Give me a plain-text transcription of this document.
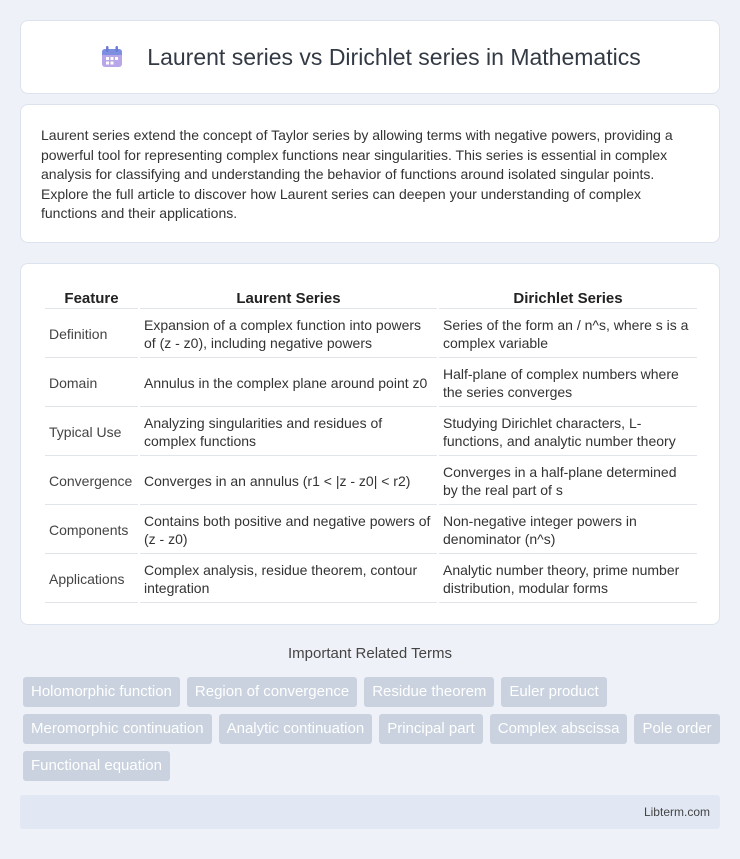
Laurent series vs Dirichlet series in Mathematics

Laurent series extend the concept of Taylor series by allowing terms with negative powers, providing a powerful tool for representing complex functions near singularities. This series is essential in complex analysis for classifying and understanding the behavior of functions around isolated singular points. Explore the full article to discover how Laurent series can deepen your understanding of complex functions and their applications.

Feature	Laurent Series	Dirichlet Series
Definition	Expansion of a complex function into powers of (z - z0), including negative powers	Series of the form an / n^s, where s is a complex variable
Domain	Annulus in the complex plane around point z0	Half-plane of complex numbers where the series converges
Typical Use	Analyzing singularities and residues of complex functions	Studying Dirichlet characters, L-functions, and analytic number theory
Convergence	Converges in an annulus (r1 < |z - z0| < r2)	Converges in a half-plane determined by the real part of s
Components	Contains both positive and negative powers of (z - z0)	Non-negative integer powers in denominator (n^s)
Applications	Complex analysis, residue theorem, contour integration	Analytic number theory, prime number distribution, modular forms
Important Related Terms
Holomorphic function	Region of convergence	Residue theorem	Euler product
Meromorphic continuation	Analytic continuation	Principal part	Complex abscissa	Pole order
Functional equation
Libterm.com
